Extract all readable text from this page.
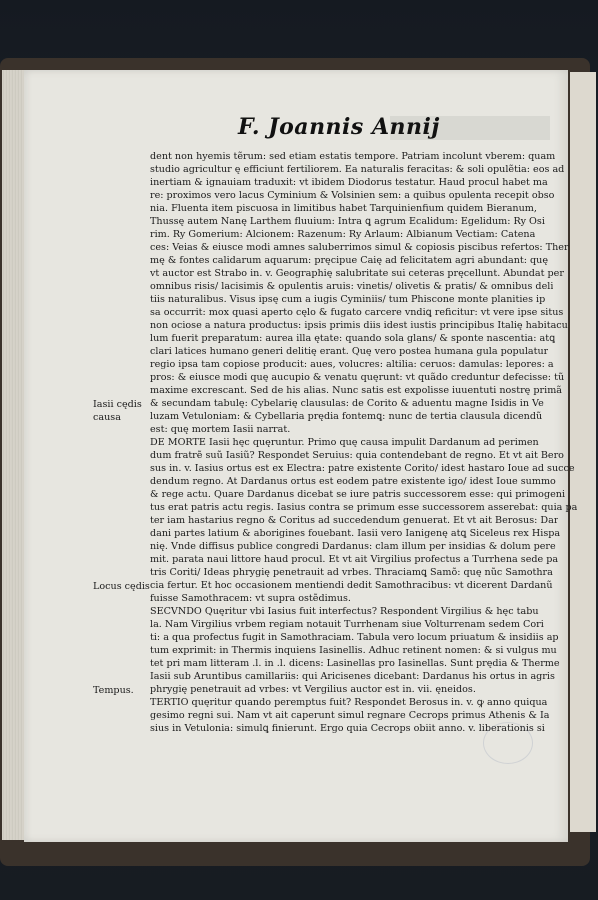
F. Joannis Annij
dent non hyemis tẽrum: sed etiam estatis tempore. Patriam incolunt vberem: quam
studio agricultur ę efficiunt fertiliorem. Ea naturalis feracitas: & soli opulẽtia: eos ad
inertiam & ignauiam traduxit: vt ibidem Diodorus testatur. Haud procul habet ma
re: proximos vero lacus Cyminium & Volsinien sem: a quibus opulenta recepit obso
nia. Fluenta item piscuosa in limitibus habet Tarquinienfium quidem Bieranum,
Thussę autem Nanę Larthem fluuium: Intra ꝗ agrum Ecalidum: Egelidum: Ry Osi
rim. Ry Gomerium: Alcionem: Razenum: Ry Arlaum: Albianum Vectiam: Catena
ces: Veias & eiusce modi amnes saluberrimos simul & copiosis piscibus refertos: Ther
mę & fontes calidarum aquarum: pręcipue Caię ad felicitatem agri abundant: quę
vt auctor est Strabo in. v. Geographię salubritate sui ceteras pręcellunt. Abundat per
omnibus risis/ lacisimis & opulentis aruis: vinetis/ olivetis & pratis/ & omnibus deli
tiis naturalibus. Visus ipsę cum a iugis Cyminiis/ tum Phiscone monte planities ip
sa occurrit: mox quasi aperto cęlo & fugato carcere vndiꝗ reficitur: vt vere ipse situs
non ociose a natura productus: ipsis primis diis idest iustis principibus Italię habitacu
lum fuerit preparatum: aurea illa ętate: quando sola glans/ & sponte nascentia: atꝗ
clari latices humano generi delitię erant. Quę vero postea humana gula populatur
regio ipsa tam copiose producit: aues, volucres: altilia: ceruos: damulas: lepores: a
pros: & eiusce modi quę aucupio & venatu quęrunt: vt quãdo creduntur defecisse: tũ
maxime excrescant. Sed de his alias. Nunc satis est expolisse iuuentuti nostrę primã
& secundam tabulę: Cybelarię clausulas: de Corito & aduentu magne Isidis in Ve
luzam Vetuloniam: & Cybellaria prędia fontemꝗ: nunc de tertia clausula dicendũ
est: quę mortem Iasii narrat.
DE MORTE Iasii hęc quęruntur. Primo quę causa impulit Dardanum ad perimen
dum fratrẽ suũ Iasiũ? Respondet Seruius: quia contendebant de regno. Et vt ait Bero
sus in. v. Iasius ortus est ex Electra: patre existente Corito/ idest hastaro Ioue ad succe
dendum regno. At Dardanus ortus est eodem patre existente igo/ idest Ioue summo
& rege actu. Quare Dardanus dicebat se iure patris successorem esse: qui primogeni
tus erat patris actu regis. Iasius contra se primum esse successorem asserebat: quia pa
ter iam hastarius regno & Coritus ad succedendum genuerat. Et vt ait Berosus: Dar
dani partes latium & aborigines fouebant. Iasii vero Ianigenę atꝗ Siceleus rex Hispa
nię. Vnde diffisus publice congredi Dardanus: clam illum per insidias & dolum pere
mit. parata naui littore haud procul. Et vt ait Virgilius profectus a Turrhena sede pa
tris Coriti/ Ideas phrygię penetrauit ad vrbes. Thraciamꝗ Samõ: quę nũc Samothra
cia fertur. Et hoc occasionem mentiendi dedit Samothracibus: vt dicerent Dardanũ
fuisse Samothracem: vt supra ostẽdimus.
SECVNDO Quęritur vbi Iasius fuit interfectus? Respondent Virgilius & hęc tabu
la. Nam Virgilius vrbem regiam notauit Turrhenam siue Volturrenam sedem Cori
ti: a qua profectus fugit in Samothraciam. Tabula vero locum priuatum & insidiis ap
tum exprimit: in Thermis inquiens Iasinellis. Adhuc retinent nomen: & si vulgus mu
tet pri mam litteram .l. in .l. dicens: Lasinellas pro Iasinellas. Sunt prędia & Therme
Iasii sub Aruntibus camillariis: qui Aricisenes dicebant: Dardanus his ortus in agris
phrygię penetrauit ad vrbes: vt Vergilius auctor est in. vii. ęneidos.
TERTIO quęritur quando peremptus fuit? Respondet Berosus in. v. ꝙ anno quiqua
gesimo regni sui. Nam vt ait caperunt simul regnare Cecrops primus Athenis & Ia
sius in Vetulonia: simulꝗ finierunt. Ergo quia Cecrops obiit anno. v. liberationis si
Iasii cędis causa
Locus cędis
Tempus.
